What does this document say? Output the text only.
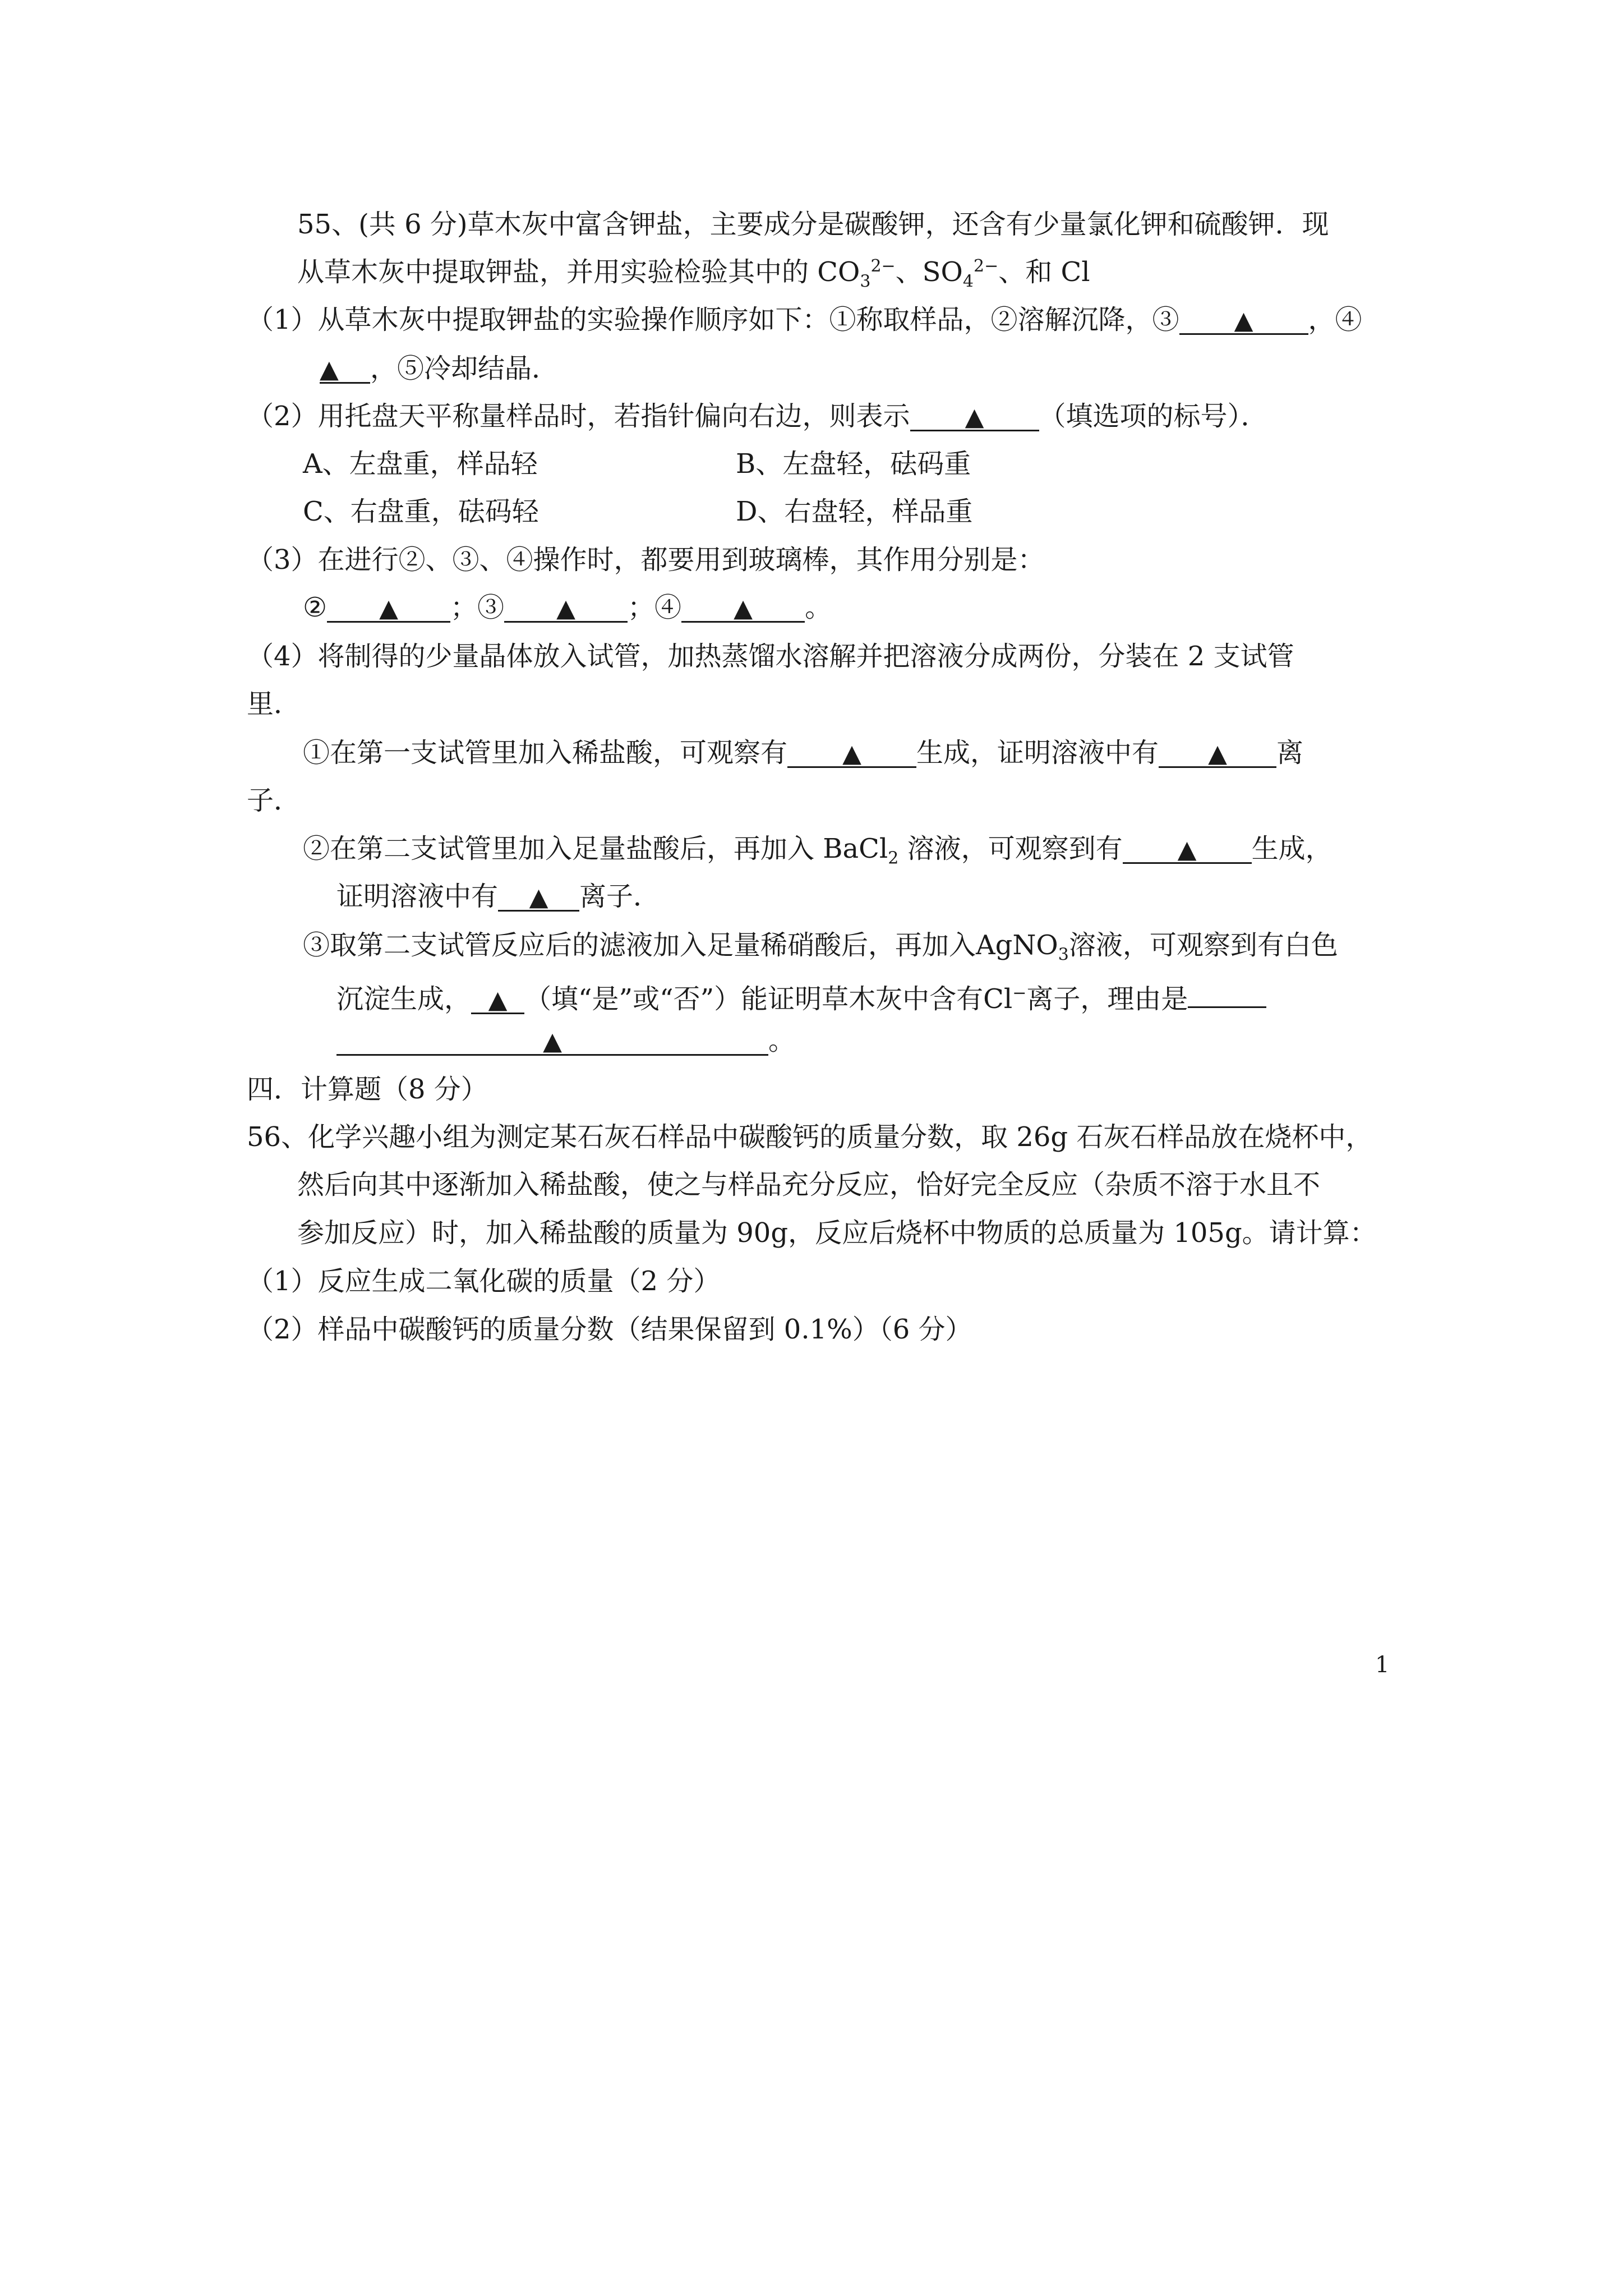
55、(共 6 分)草木灰中富含钾盐，主要成分是碳酸钾，还含有少量氯化钾和硫酸钾．现
从草木灰中提取钾盐，并用实验检验其中的 $CO_3^{2-}$、$SO_4^{2-}$、和 Cl
（1）从草木灰中提取钾盐的实验操作顺序如下：①称取样品，②溶解沉降，③ ▲ ，④
▲ ，⑤冷却结晶．
（2）用托盘天平称量样品时，若指针偏向右边，则表示 ▲ （填选项的标号）．
A、左盘重，样品轻	B、左盘轻，砝码重
C、右盘重，砝码轻	D、右盘轻，样品重
（3）在进行②、③、④操作时，都要用到玻璃棒，其作用分别是：
② ▲ ；③ ▲ ；④ ▲ 。
（4）将制得的少量晶体放入试管，加热蒸馏水溶解并把溶液分成两份，分装在 2 支试管
里．
①在第一支试管里加入稀盐酸，可观察有 ▲ 生成，证明溶液中有 ▲ 离
子．
②在第二支试管里加入足量盐酸后，再加入 BaCl$_2$ 溶液，可观察到有 ▲ 生成，
证明溶液中有 ▲ 离子．
③取第二支试管反应后的滤液加入足量稀硝酸后，再加入AgNO$_3$溶液，可观察到有白色
沉淀生成， ▲ （填“是”或“否”）能证明草木灰中含有Cl−离子，理由是
▲	。
四．计算题（8 分）
56、化学兴趣小组为测定某石灰石样品中碳酸钙的质量分数，取 26g 石灰石样品放在烧杯中，
然后向其中逐渐加入稀盐酸，使之与样品充分反应，恰好完全反应（杂质不溶于水且不
参加反应）时，加入稀盐酸的质量为 90g，反应后烧杯中物质的总质量为 105g。请计算：
（1）反应生成二氧化碳的质量（2 分）
（2）样品中碳酸钙的质量分数（结果保留到 0.1%）（6 分）
1
